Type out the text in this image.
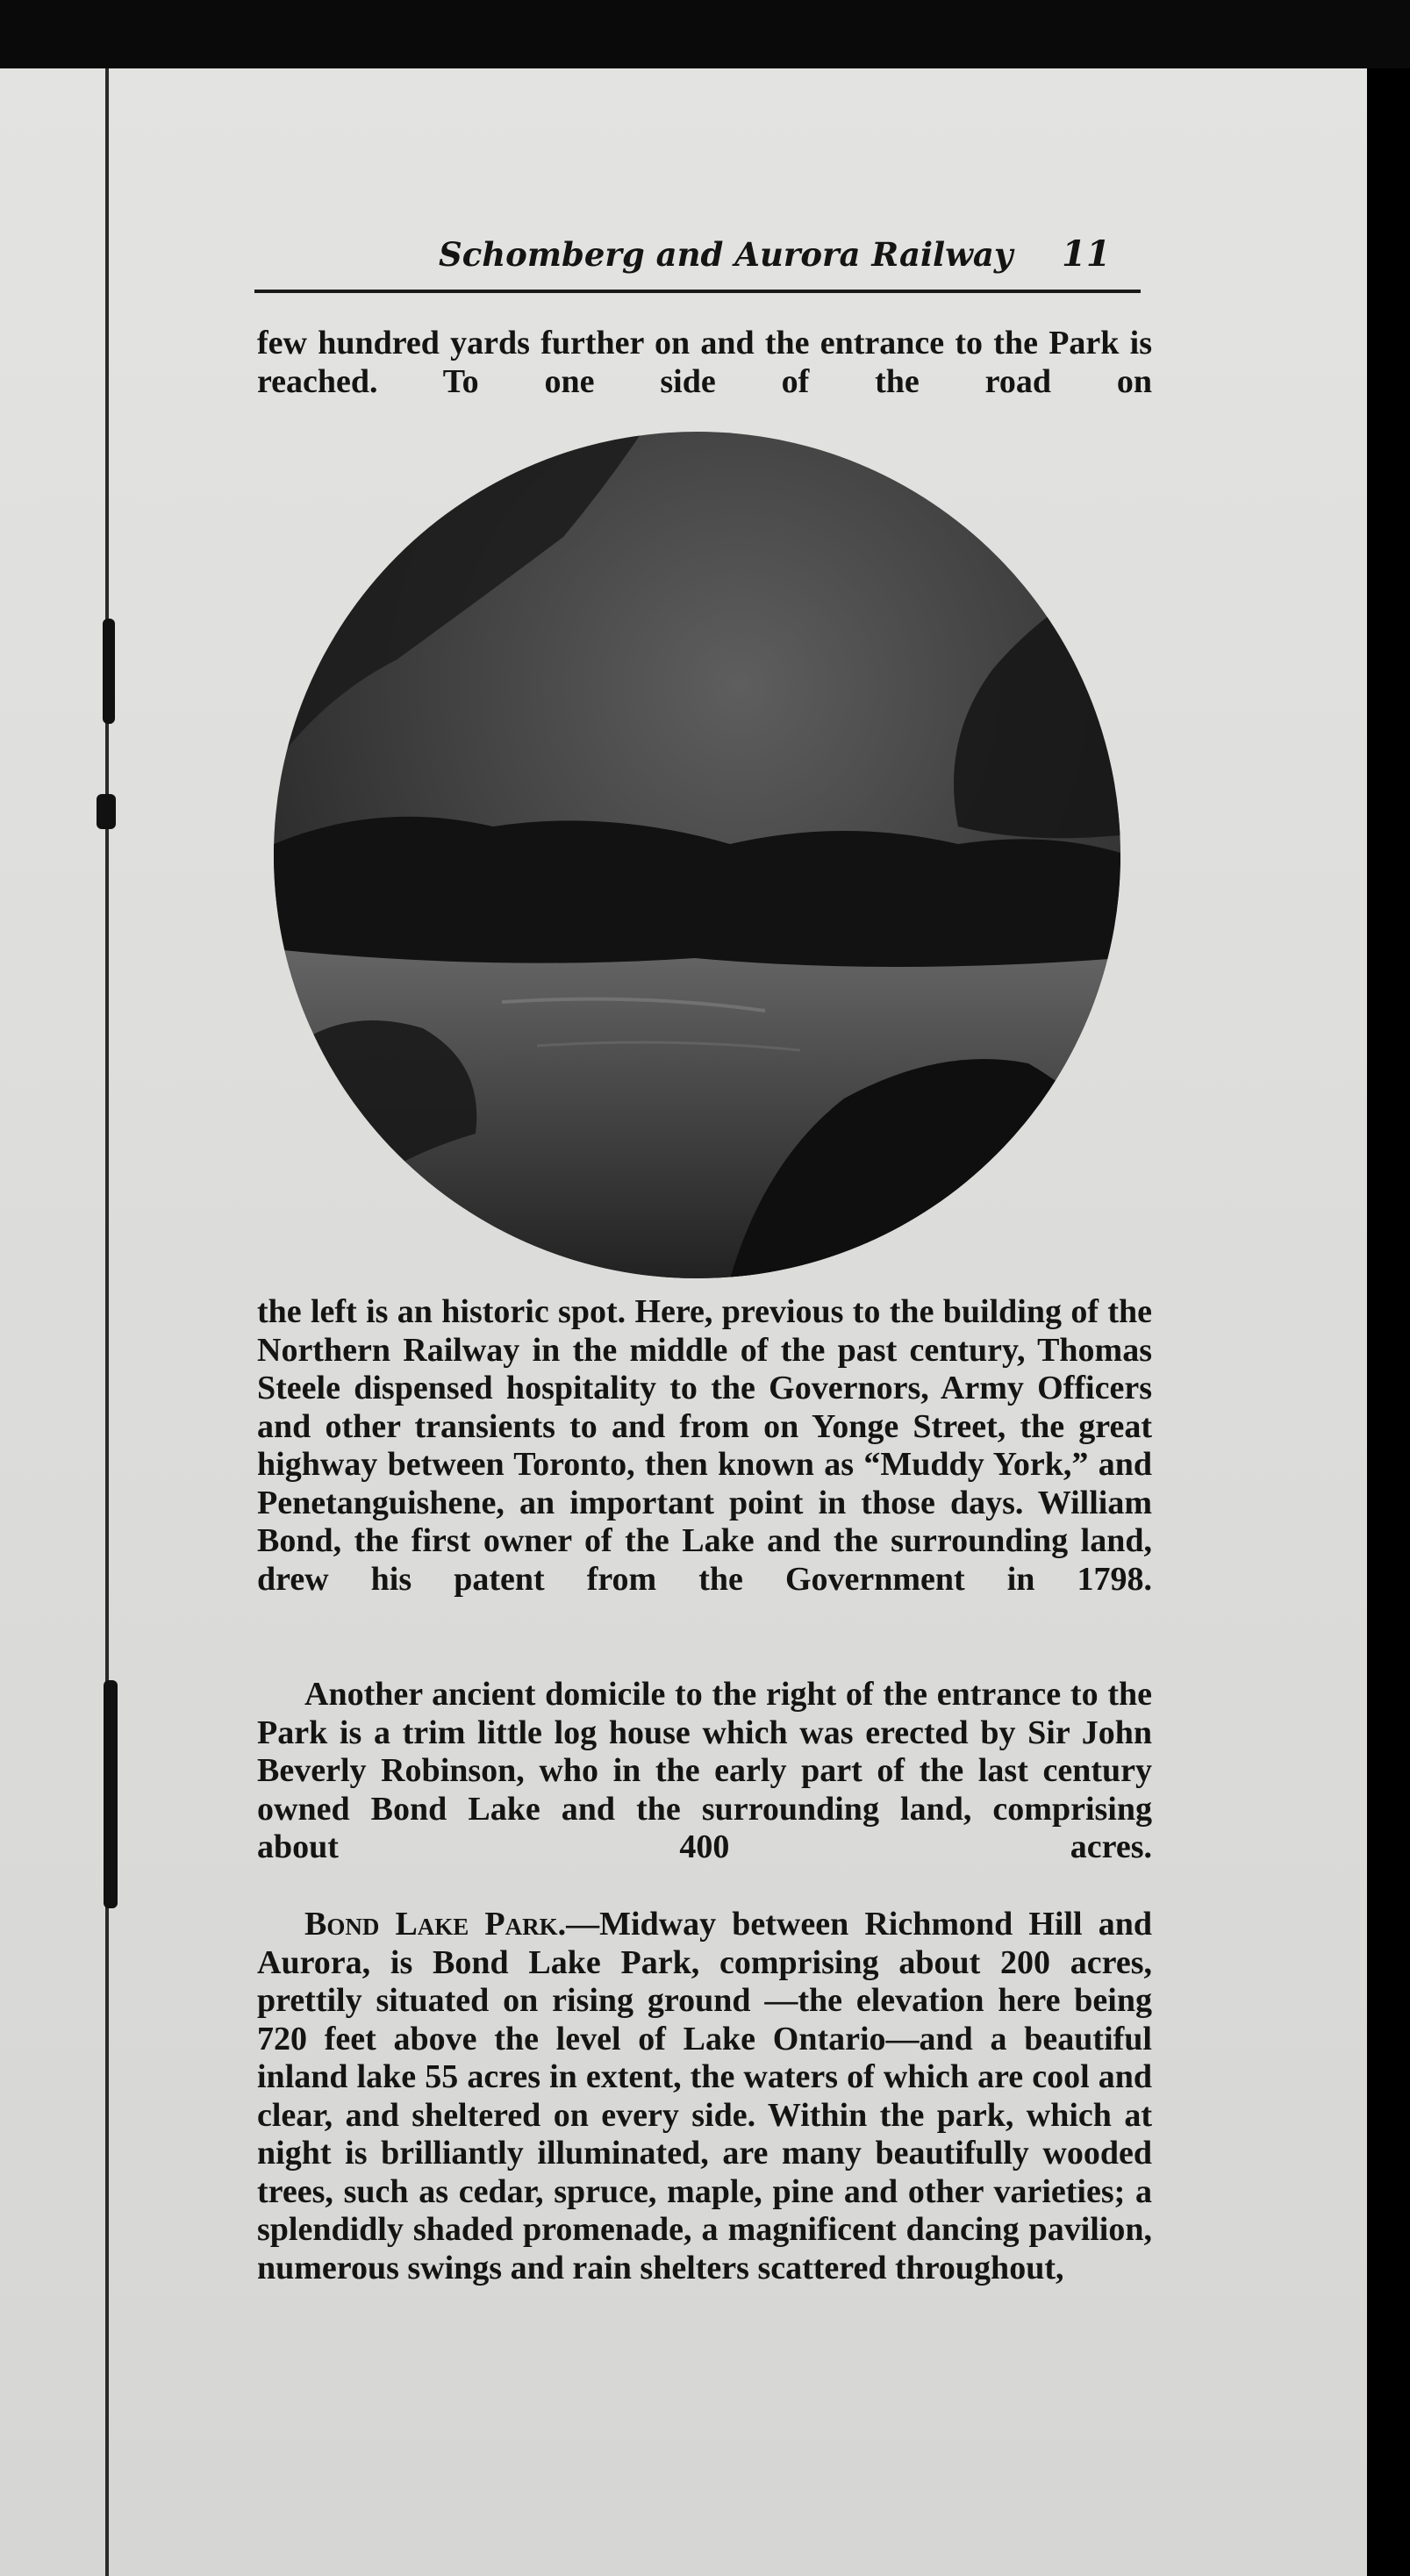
Schomberg and Aurora Railway 11

few hundred yards further on and the entrance to the Park is reached. To one side of the road on

the left is an historic spot. Here, previous to the building of the Northern Railway in the middle of the past century, Thomas Steele dispensed hospitality to the Governors, Army Officers and other transients to and from on Yonge Street, the great highway between Toronto, then known as “Muddy York,” and Penetanguishene, an important point in those days. William Bond, the first owner of the Lake and the surrounding land, drew his patent from the Government in 1798.

Another ancient domicile to the right of the entrance to the Park is a trim little log house which was erected by Sir John Beverly Robinson, who in the early part of the last century owned Bond Lake and the surrounding land, comprising about 400 acres.

Bond Lake Park.—Midway between Richmond Hill and Aurora, is Bond Lake Park, comprising about 200 acres, prettily situated on rising ground —the elevation here being 720 feet above the level of Lake Ontario—and a beautiful inland lake 55 acres in extent, the waters of which are cool and clear, and sheltered on every side. Within the park, which at night is brilliantly illuminated, are many beautifully wooded trees, such as cedar, spruce, maple, pine and other varieties; a splendidly shaded promenade, a magnificent dancing pavilion, numerous swings and rain shelters scattered throughout,
